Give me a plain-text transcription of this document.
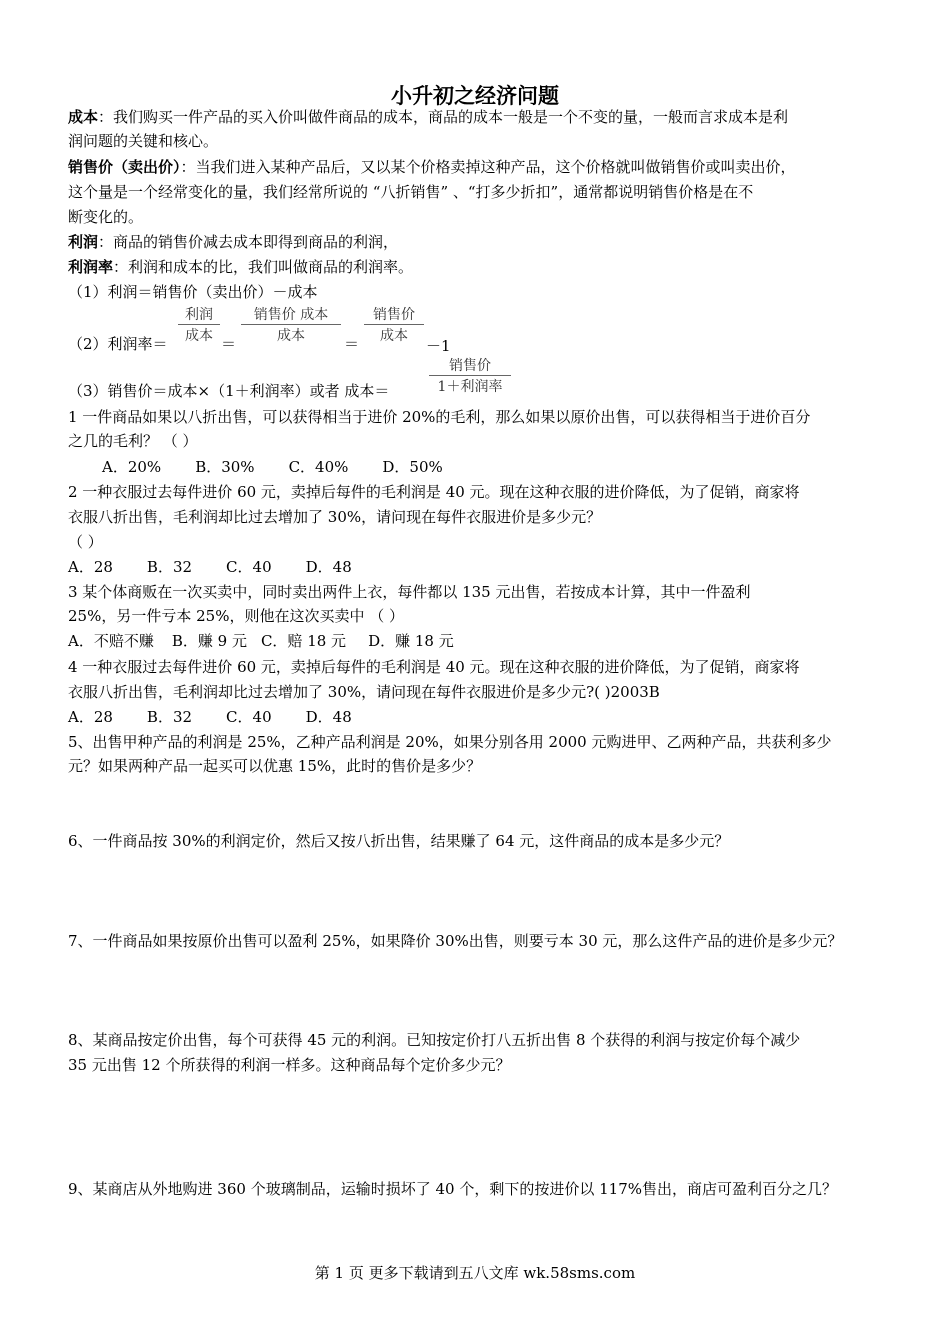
小升初之经济问题
成本：我们购买一件产品的买入价叫做件商品的成本，商品的成本一般是一个不变的量，一般而言求成本是利
润问题的关键和核心。
销售价（卖出价）：当我们进入某种产品后，又以某个价格卖掉这种产品，这个价格就叫做销售价或叫卖出价，
这个量是一个经常变化的量，我们经常所说的 “八折销售” 、“打多少折扣”，通常都说明销售价格是在不
断变化的。
利润：商品的销售价减去成本即得到商品的利润，
利润率：利润和成本的比，我们叫做商品的利润率。
（1）利润＝销售价（卖出价）－成本
（2）利润率＝
利润
成本 ＝
销售价 成本
成本	＝
销售价
成本
－1
（3）销售价＝成本×（1＋利润率）或者 成本＝
销售价
1＋利润率
1 一件商品如果以八折出售，可以获得相当于进价 20%的毛利，那么如果以原价出售，可以获得相当于进价百分
之几的毛利？ （ ）
A．20% B．30% C．40% D．50%
2 一种衣服过去每件进价 60 元，卖掉后每件的毛利润是 40 元。现在这种衣服的进价降低，为了促销，商家将
衣服八折出售，毛利润却比过去增加了 30%，请问现在每件衣服进价是多少元？
（ ）
A．28 B．32 C．40 D．48
3 某个体商贩在一次买卖中，同时卖出两件上衣，每件都以 135 元出售，若按成本计算，其中一件盈利
25%，另一件亏本 25%，则他在这次买卖中 （ ）
A．不赔不赚 B．赚 9 元 C．赔 18 元 D．赚 18 元
4 一种衣服过去每件进价 60 元，卖掉后每件的毛利润是 40 元。现在这种衣服的进价降低，为了促销，商家将
衣服八折出售，毛利润却比过去增加了 30%，请问现在每件衣服进价是多少元?( )2003B
A．28 B．32 C．40 D．48
5、出售甲种产品的利润是 25%，乙种产品利润是 20%，如果分别各用 2000 元购进甲、乙两种产品，共获利多少
元？如果两种产品一起买可以优惠 15%，此时的售价是多少？
6、一件商品按 30%的利润定价，然后又按八折出售，结果赚了 64 元，这件商品的成本是多少元？
7、一件商品如果按原价出售可以盈利 25%，如果降价 30%出售，则要亏本 30 元，那么这件产品的进价是多少元？
8、某商品按定价出售，每个可获得 45 元的利润。已知按定价打八五折出售 8 个获得的利润与按定价每个减少
35 元出售 12 个所获得的利润一样多。这种商品每个定价多少元？
9、某商店从外地购进 360 个玻璃制品，运输时损坏了 40 个，剩下的按进价以 117%售出，商店可盈利百分之几？
第 1 页 更多下载请到五八文库 wk.58sms.com
